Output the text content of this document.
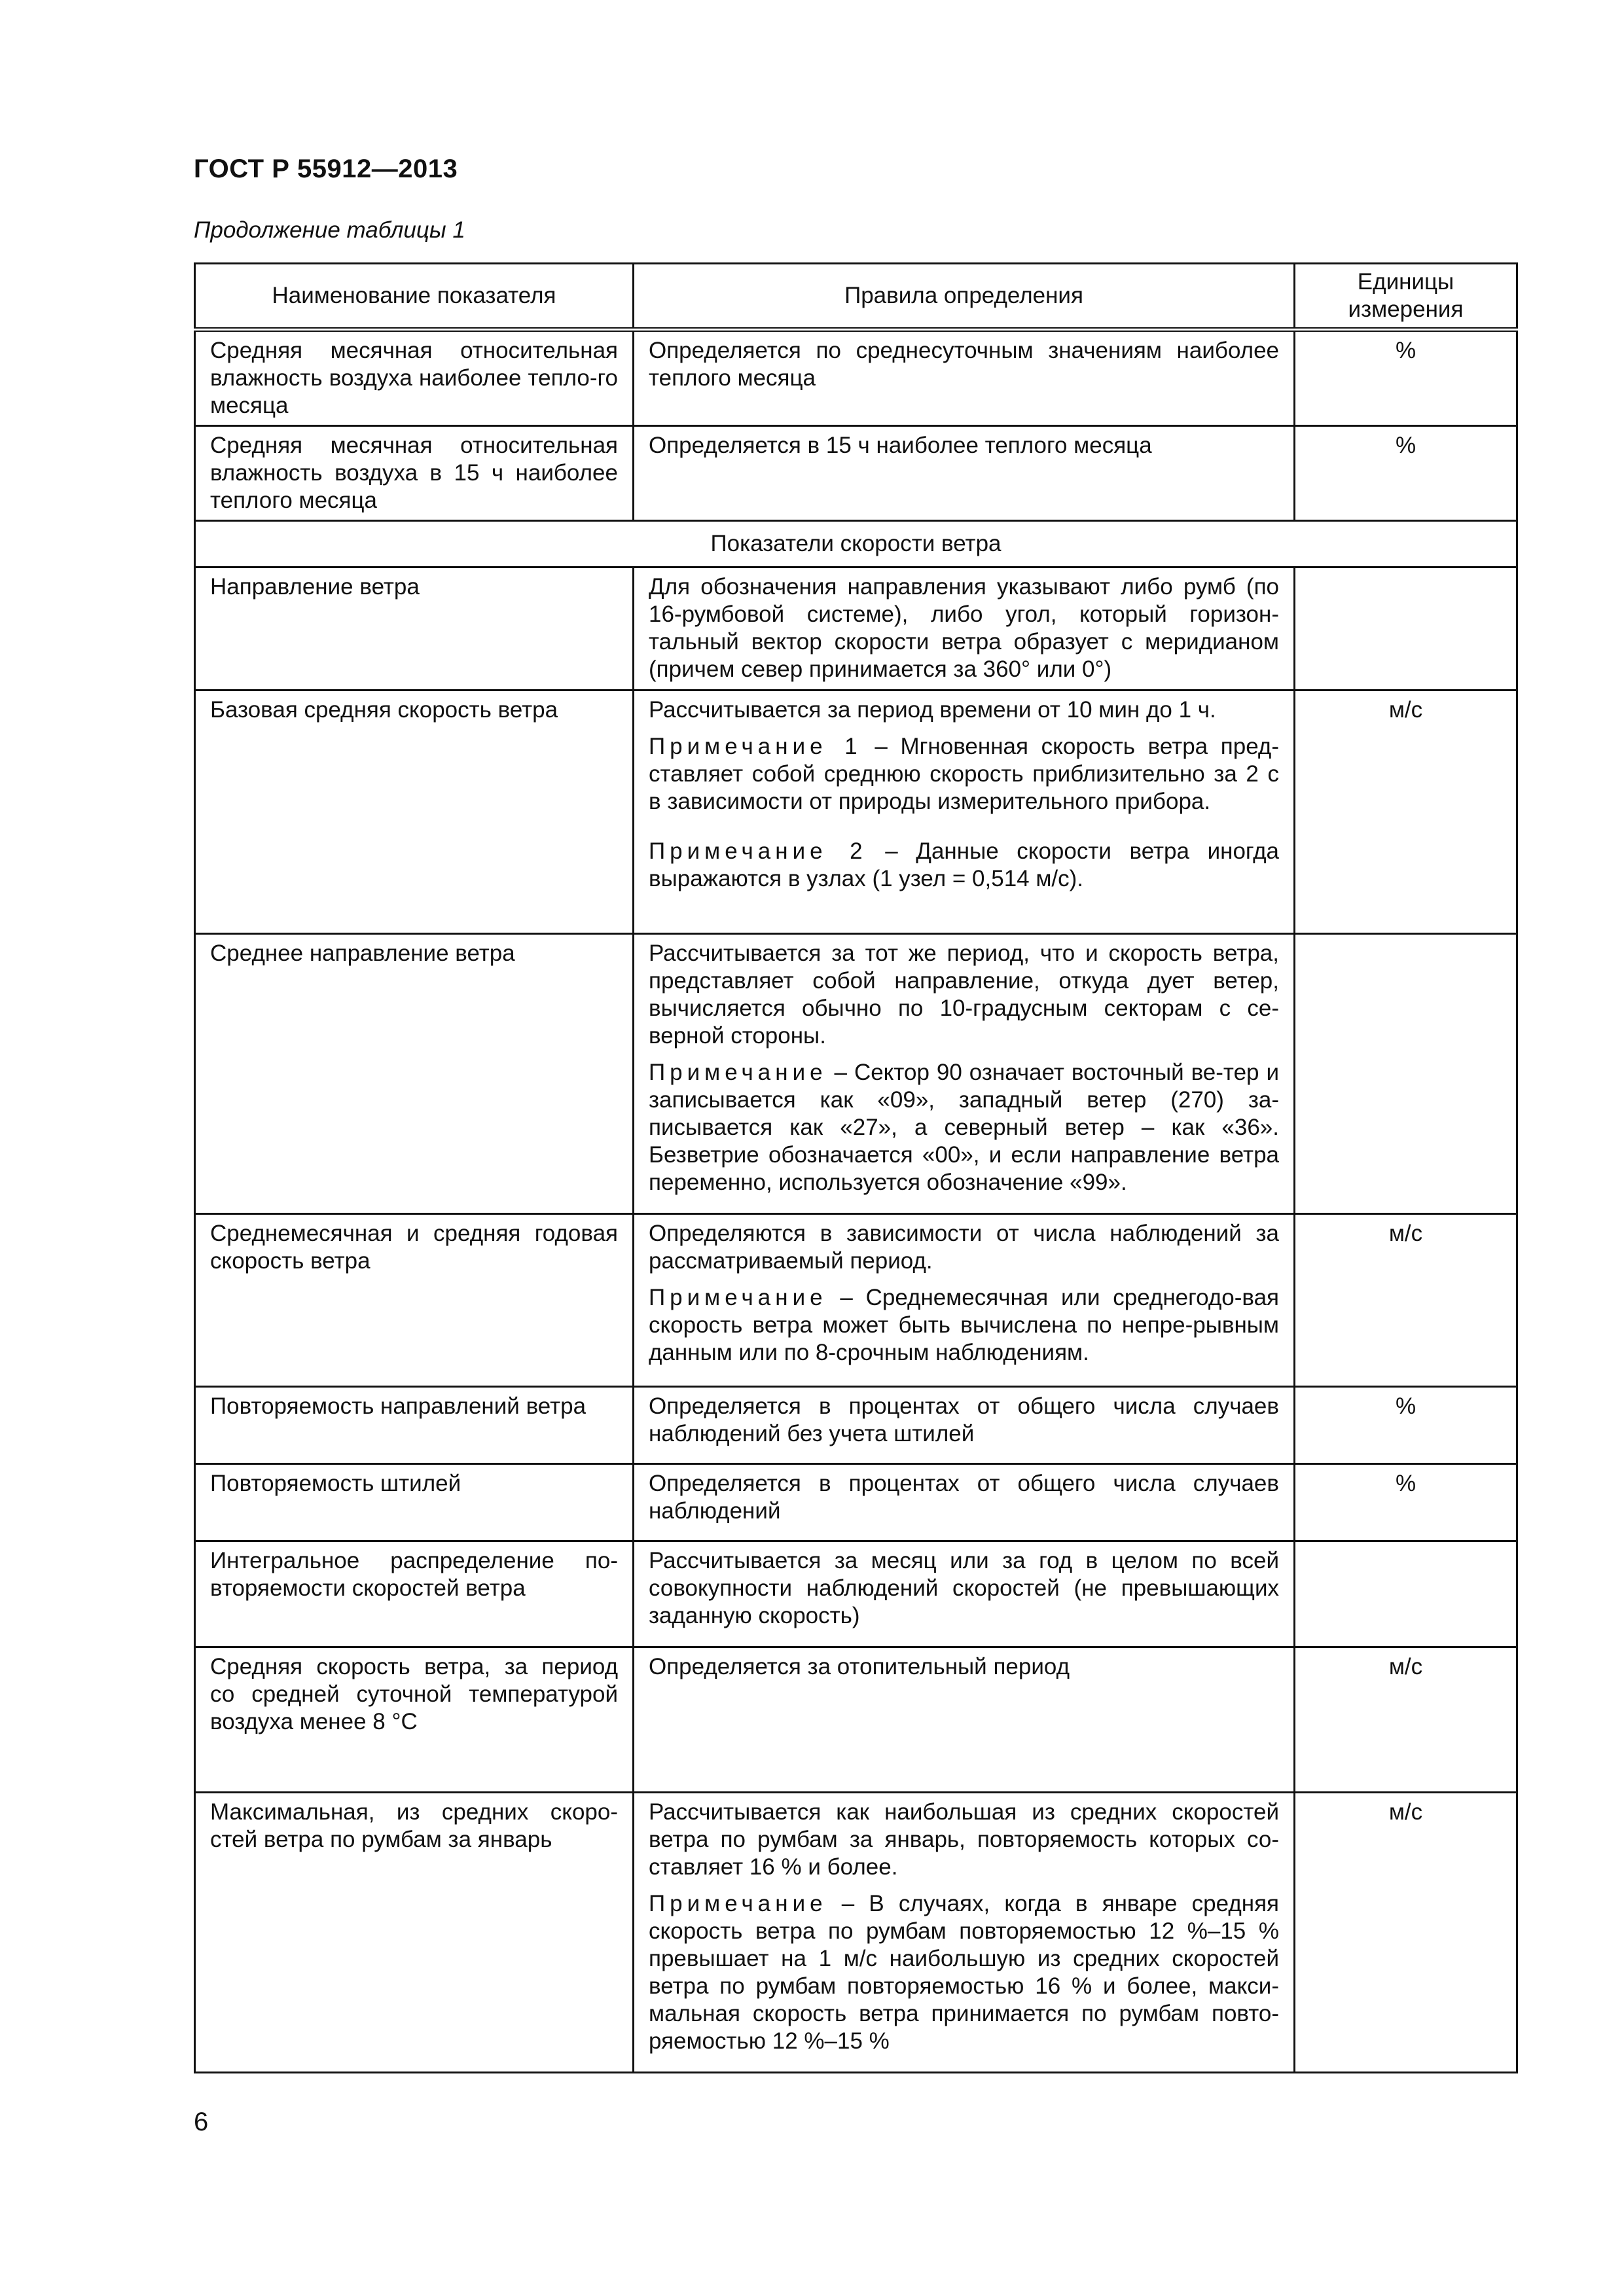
ГОСТ Р 55912—2013
Продолжение таблицы 1
Наименование показателя	Правила определения	Единицы измерения
Средняя месячная относительная влажность воздуха наиболее тепло-го месяца	Определяется по среднесуточным значениям наиболее теплого месяца	%
Средняя месячная относительная влажность воздуха в 15 ч наиболее теплого месяца	Определяется в 15 ч наиболее теплого месяца	%
Показатели скорости ветра		
Направление ветра	Для обозначения направления указывают либо румб (по 16-румбовой системе), либо угол, который горизон-тальный вектор скорости ветра образует с меридианом (причем север принимается за 360° или 0°)	
Базовая средняя скорость ветра	Рассчитывается за период времени от 10 мин до 1 ч.
Примечание 1 – Мгновенная скорость ветра пред-ставляет собой среднюю скорость приблизительно за 2 с в зависимости от природы измерительного прибора.
Примечание 2 – Данные скорости ветра иногда выражаются в узлах (1 узел = 0,514 м/с).	м/с
Среднее направление ветра	Рассчитывается за тот же период, что и скорость ветра, представляет собой направление, откуда дует ветер, вычисляется обычно по 10-градусным секторам с се-верной стороны.
Примечание – Сектор 90 означает восточный ве-тер и записывается как «09», западный ветер (270) за-писывается как «27», а северный ветер – как «36». Безветрие обозначается «00», и если направление ветра переменно, используется обозначение «99».	

Среднемесячная и средняя годовая скорость ветра	Определяются в зависимости от числа наблюдений за рассматриваемый период.
Примечание – Среднемесячная или среднегодо-вая скорость ветра может быть вычислена по непре-рывным данным или по 8-срочным наблюдениям.	м/с
Повторяемость направлений ветра	Определяется в процентах от общего числа случаев наблюдений без учета штилей	%
Повторяемость штилей	Определяется в процентах от общего числа случаев наблюдений	%
Интегральное распределение по-вторяемости скоростей ветра	Рассчитывается за месяц или за год в целом по всей совокупности наблюдений скоростей (не превышающих заданную скорость)	
Средняя скорость ветра, за период со средней суточной температурой воздуха менее 8 °С	Определяется за отопительный период	м/с
Максимальная, из средних скоро-стей ветра по румбам за январь	Рассчитывается как наибольшая из средних скоростей ветра по румбам за январь, повторяемость которых со-ставляет 16 % и более.
Примечание – В случаях, когда в январе средняя скорость ветра по румбам повторяемостью 12 %–15 % превышает на 1 м/с наибольшую из средних скоростей ветра по румбам повторяемостью 16 % и более, макси-мальная скорость ветра принимается по румбам повто-ряемостью 12 %–15 %	м/с
6
